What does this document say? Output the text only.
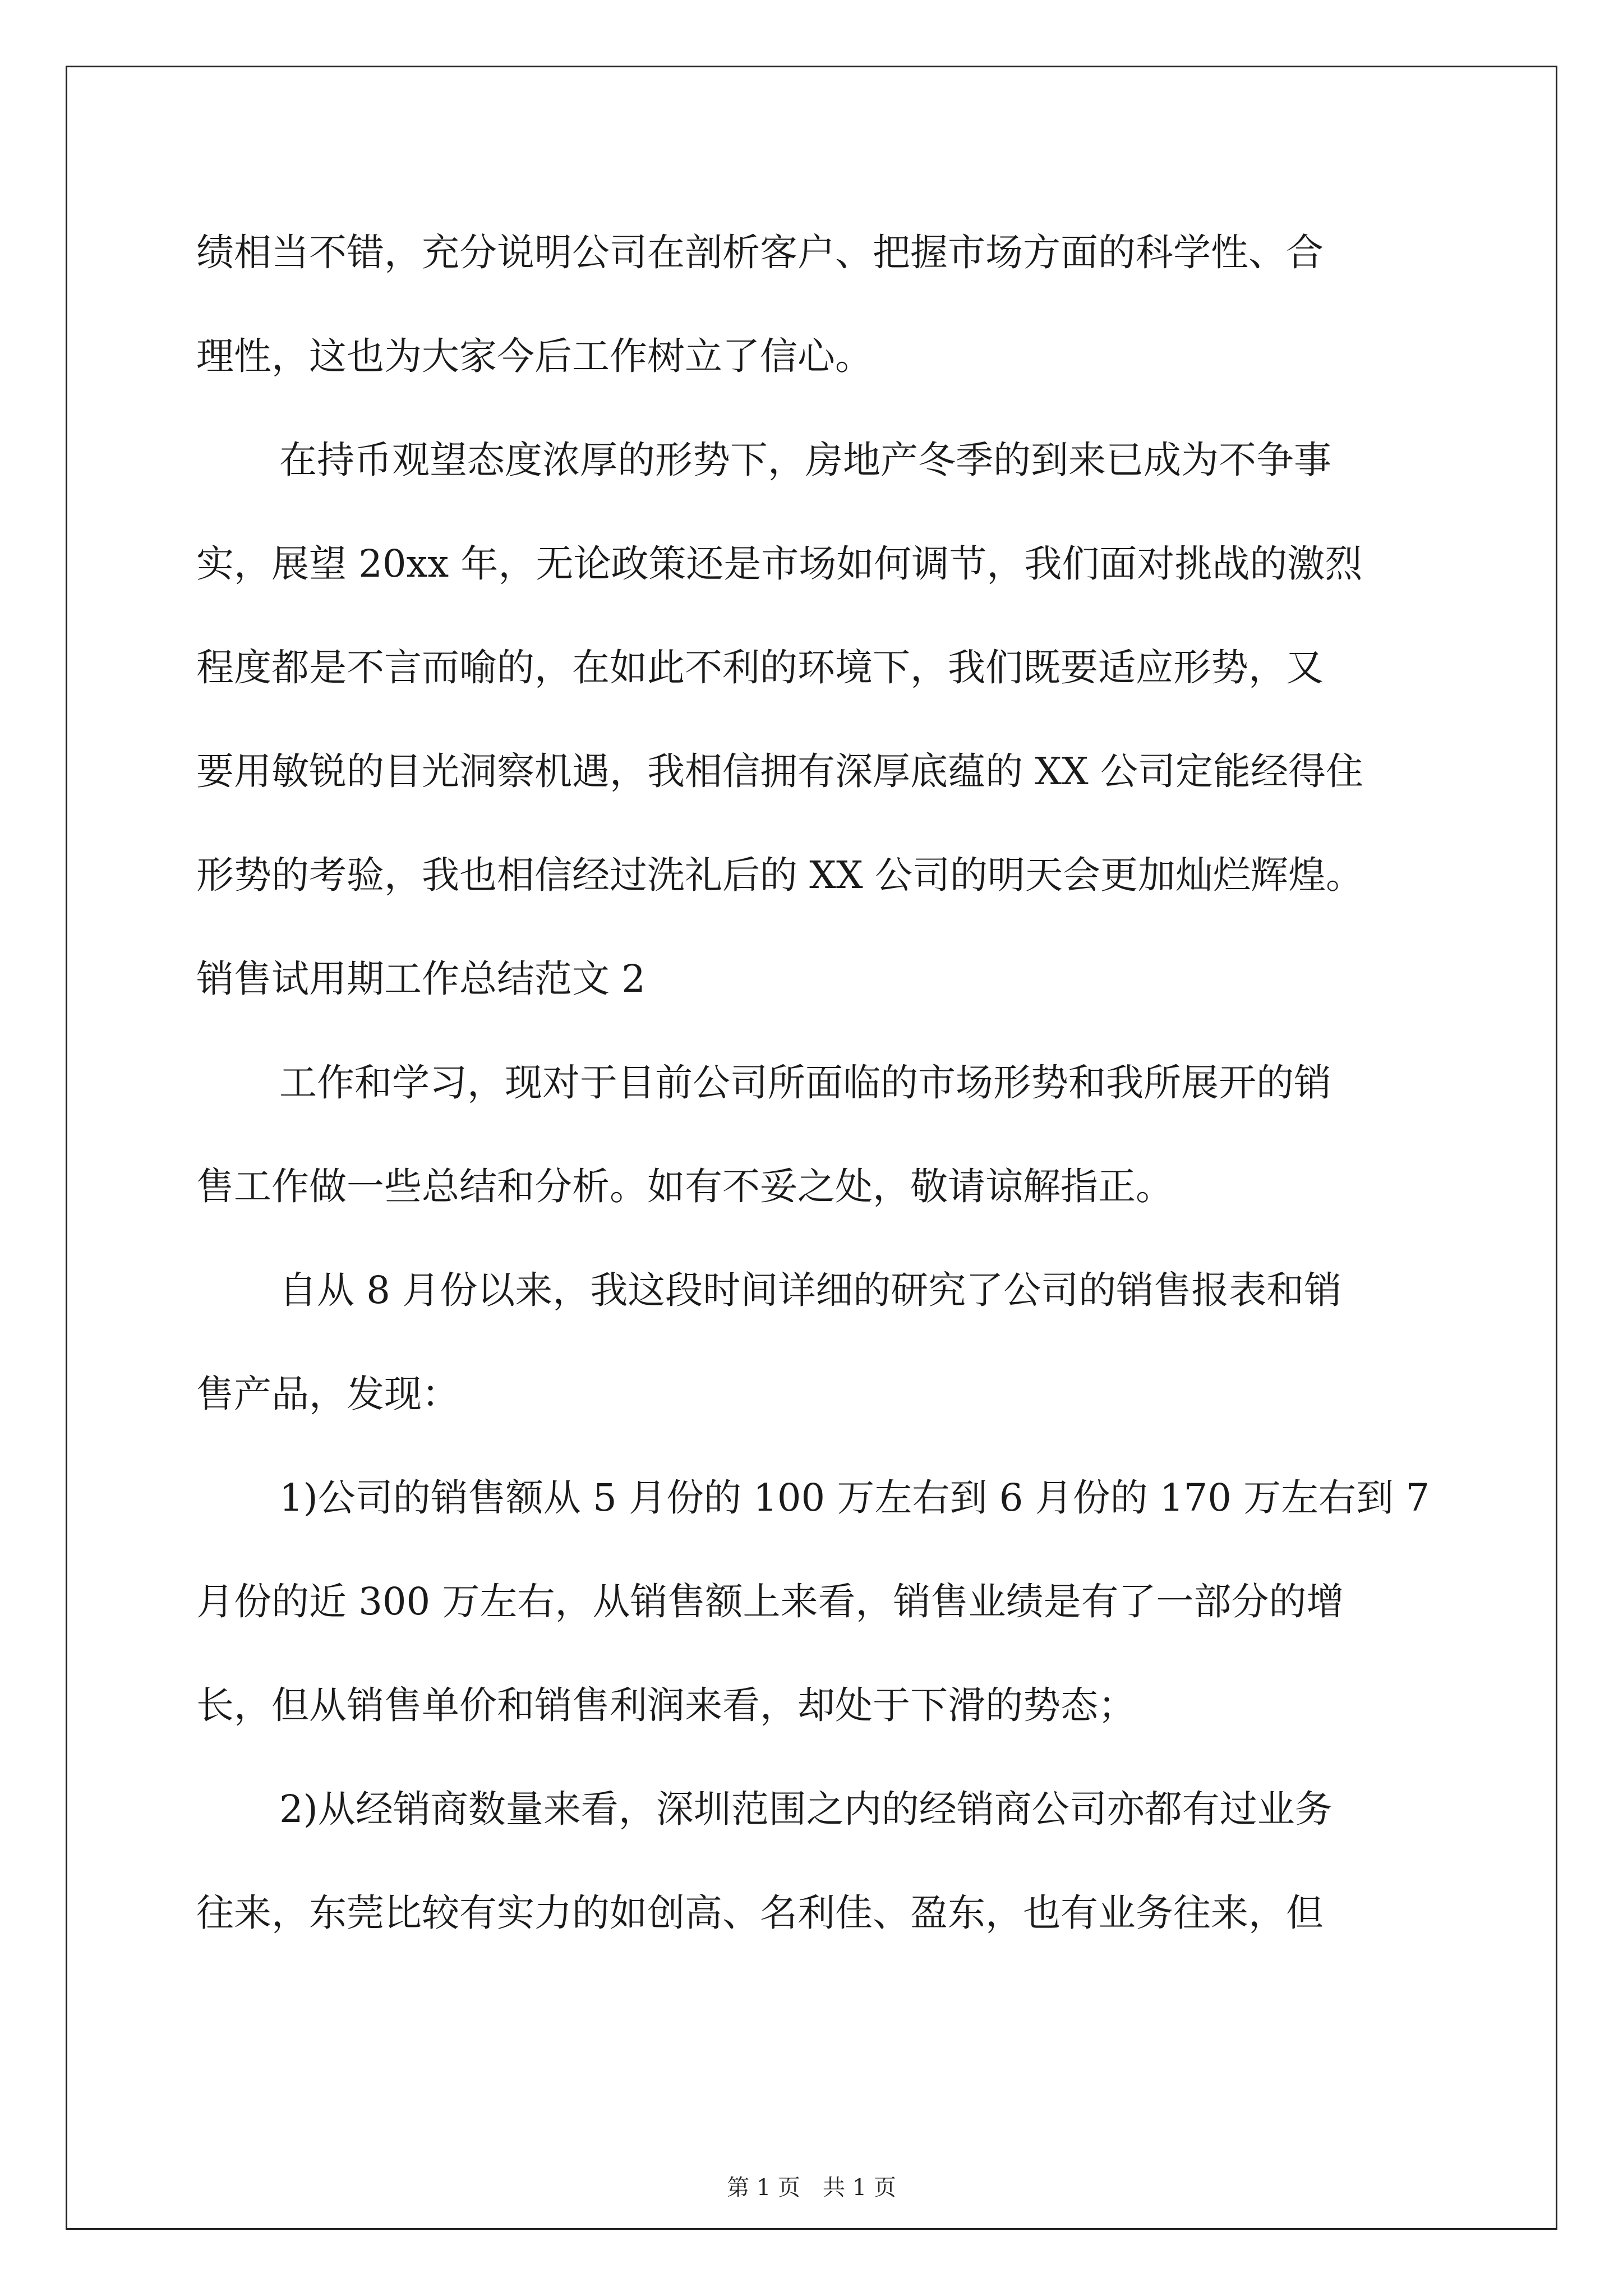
绩相当不错，充分说明公司在剖析客户、把握市场方面的科学性、合
理性，这也为大家今后工作树立了信心。
在持币观望态度浓厚的形势下，房地产冬季的到来已成为不争事
实，展望 20xx 年，无论政策还是市场如何调节，我们面对挑战的激烈
程度都是不言而喻的，在如此不利的环境下，我们既要适应形势，又
要用敏锐的目光洞察机遇，我相信拥有深厚底蕴的 XX 公司定能经得住
形势的考验，我也相信经过洗礼后的 XX 公司的明天会更加灿烂辉煌。
销售试用期工作总结范文 2
工作和学习，现对于目前公司所面临的市场形势和我所展开的销
售工作做一些总结和分析。如有不妥之处，敬请谅解指正。
自从 8 月份以来，我这段时间详细的研究了公司的销售报表和销
售产品，发现：
1)公司的销售额从 5 月份的 100 万左右到 6 月份的 170 万左右到 7
月份的近 300 万左右，从销售额上来看，销售业绩是有了一部分的增
长，但从销售单价和销售利润来看，却处于下滑的势态；
2)从经销商数量来看，深圳范围之内的经销商公司亦都有过业务
往来，东莞比较有实力的如创高、名利佳、盈东，也有业务往来，但
第 1 页　共 1 页
